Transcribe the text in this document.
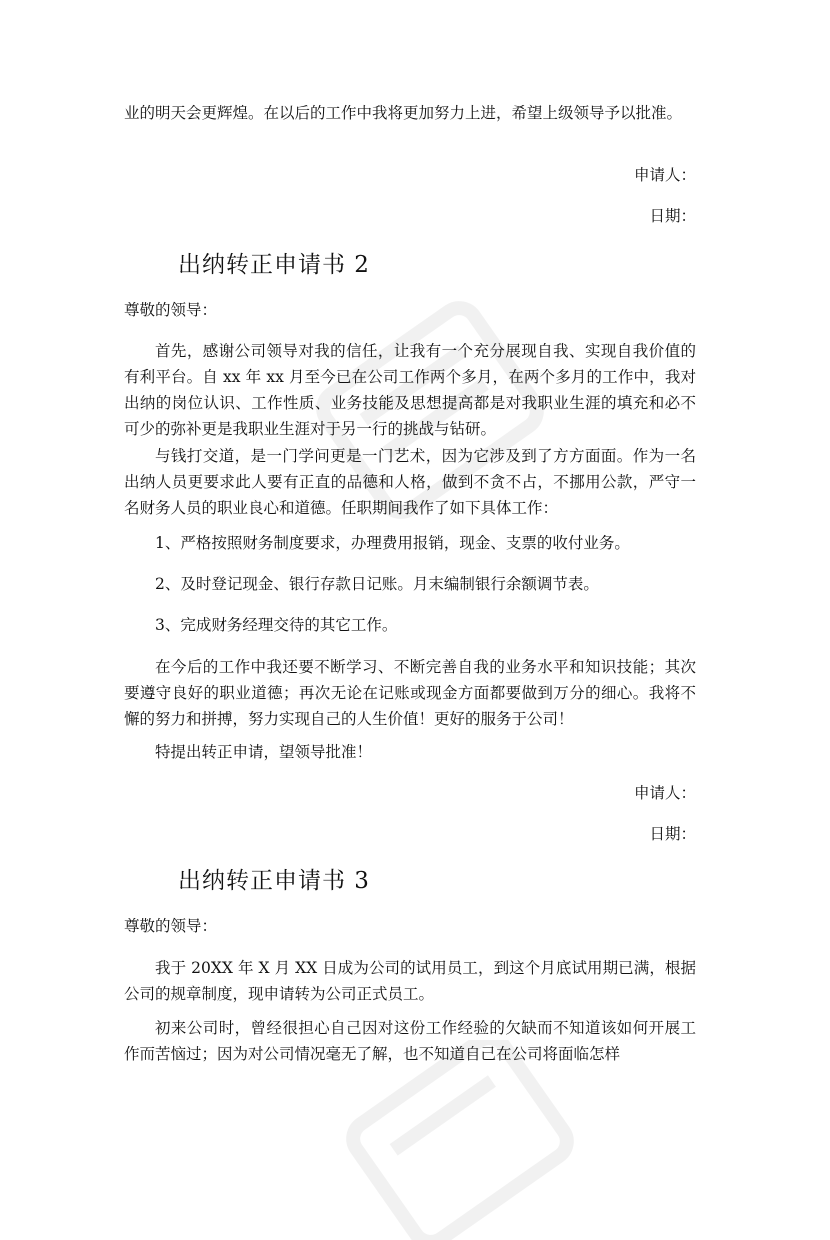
业的明天会更辉煌。在以后的工作中我将更加努力上进，希望上级领导予以批准。

申请人：

日期：

出纳转正申请书 2

尊敬的领导：

首先，感谢公司领导对我的信任，让我有一个充分展现自我、实现自我价值的有利平台。自 xx 年 xx 月至今已在公司工作两个多月，在两个多月的工作中，我对出纳的岗位认识、工作性质、业务技能及思想提高都是对我职业生涯的填充和必不可少的弥补更是我职业生涯对于另一行的挑战与钻研。

与钱打交道，是一门学问更是一门艺术，因为它涉及到了方方面面。作为一名出纳人员更要求此人要有正直的品德和人格，做到不贪不占，不挪用公款，严守一名财务人员的职业良心和道德。任职期间我作了如下具体工作：

1、严格按照财务制度要求，办理费用报销，现金、支票的收付业务。

2、及时登记现金、银行存款日记账。月末编制银行余额调节表。

3、完成财务经理交待的其它工作。

在今后的工作中我还要不断学习、不断完善自我的业务水平和知识技能；其次要遵守良好的职业道德；再次无论在记账或现金方面都要做到万分的细心。我将不懈的努力和拼搏，努力实现自己的人生价值！更好的服务于公司！

特提出转正申请，望领导批准！

申请人：

日期：

出纳转正申请书 3

尊敬的领导：

我于 20XX 年 X 月 XX 日成为公司的试用员工，到这个月底试用期已满，根据公司的规章制度，现申请转为公司正式员工。

初来公司时，曾经很担心自己因对这份工作经验的欠缺而不知道该如何开展工作而苦恼过；因为对公司情况毫无了解，也不知道自己在公司将面临怎样
